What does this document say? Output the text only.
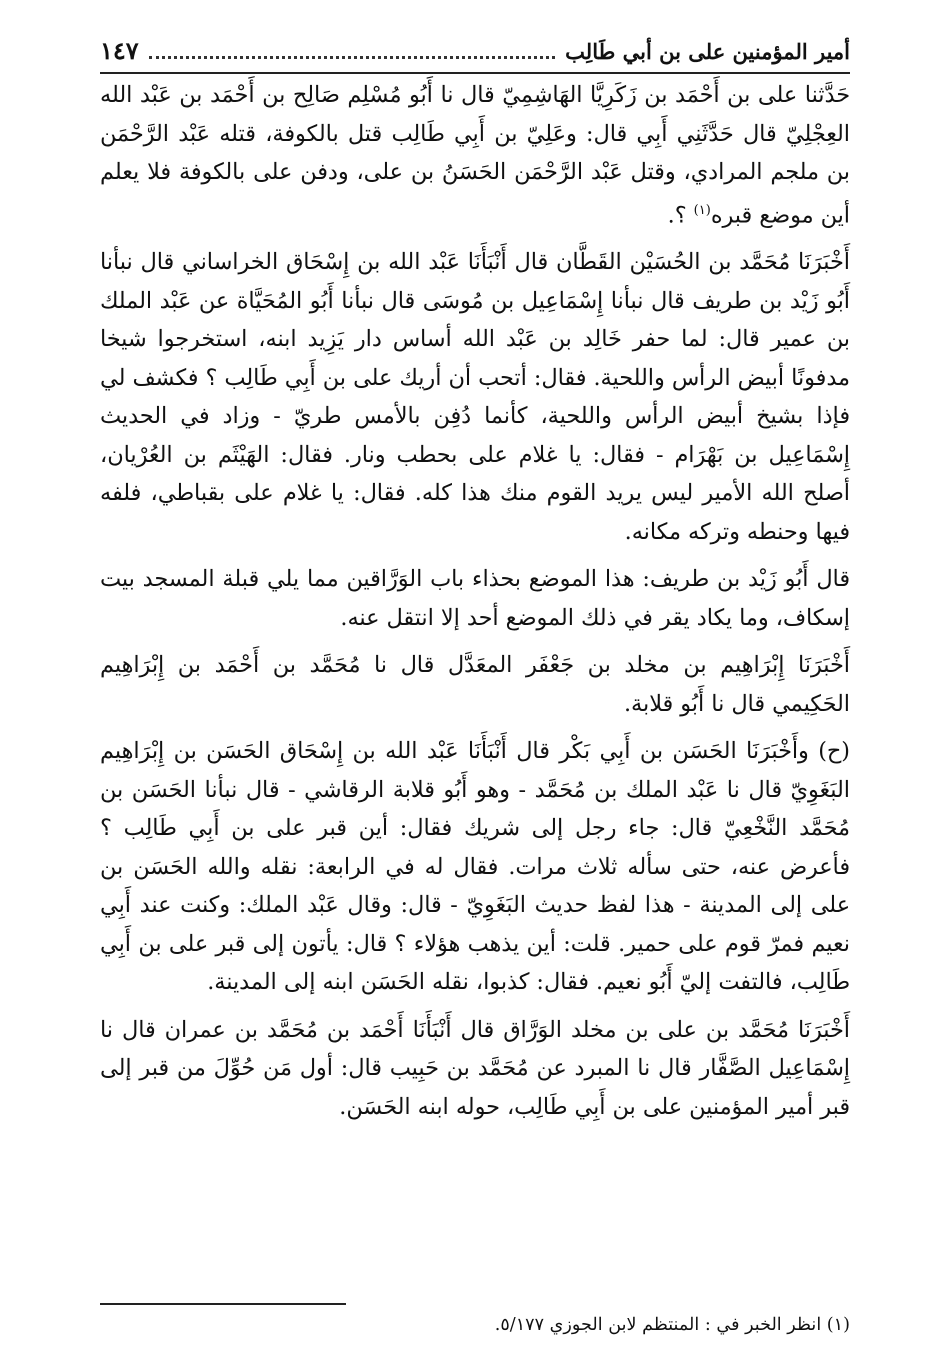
أمير المؤمنين على بن أبي طَالِب
١٤٧

حَدَّثنا على بن أَحْمَد بن زَكَرِيَّا الهَاشِمِيّ قال نا أَبُو مُسْلِم صَالِح بن أَحْمَد بن عَبْد الله العِجْلِيّ قال حَدَّثَنِي أَبِي قال: وعَلِيّ بن أَبِي طَالِب قتل بالكوفة، قتله عَبْد الرَّحْمَن بن ملجم المرادي، وقتل عَبْد الرَّحْمَن الحَسَنُ بن على، ودفن على بالكوفة فلا يعلم أين موضع قبره$^{(١)}$ ؟.

أَخْبَرَنَا مُحَمَّد بن الحُسَيْن القَطَّان قال أَنْبَأَنَا عَبْد الله بن إِسْحَاق الخراساني قال نبأنا أَبُو زَيْد بن طريف قال نبأنا إِسْمَاعِيل بن مُوسَى قال نبأنا أَبُو المُحَيَّاة عن عَبْد الملك بن عمير قال: لما حفر خَالِد بن عَبْد الله أساس دار يَزِيد ابنه، استخرجوا شيخا مدفونًا أبيض الرأس واللحية. فقال: أتحب أن أريك على بن أَبِي طَالِب ؟ فكشف لي فإذا بشيخ أبيض الرأس واللحية، كأنما دُفِن بالأمس طريّ - وزاد في الحديث إِسْمَاعِيل بن بَهْرَام - فقال: يا غلام على بحطب ونار. فقال: الهَيْثَم بن العُرْيان، أصلح الله الأمير ليس يريد القوم منك هذا كله. فقال: يا غلام على بقباطي، فلفه فيها وحنطه وتركه مكانه.

قال أَبُو زَيْد بن طريف: هذا الموضع بحذاء باب الوَرَّاقين مما يلي قبلة المسجد بيت إسكاف، وما يكاد يقر في ذلك الموضع أحد إلا انتقل عنه.

أَخْبَرَنَا إِبْرَاهِيم بن مخلد بن جَعْفَر المعَدَّل قال نا مُحَمَّد بن أَحْمَد بن إِبْرَاهِيم الحَكِيمي قال نا أَبُو قلابة.

(ح) وأَخْبَرَنَا الحَسَن بن أَبِي بَكْر قال أَنْبَأَنَا عَبْد الله بن إِسْحَاق الحَسَن بن إِبْرَاهِيم البَغَوِيّ قال نا عَبْد الملك بن مُحَمَّد - وهو أَبُو قلابة الرقاشي - قال نبأنا الحَسَن بن مُحَمَّد النَّخْعِيّ قال: جاء رجل إلى شريك فقال: أين قبر على بن أَبِي طَالِب ؟ فأعرض عنه، حتى سأله ثلاث مرات. فقال له في الرابعة: نقله والله الحَسَن بن على إلى المدينة - هذا لفظ حديث البَغَوِيّ - قال: وقال عَبْد الملك: وكنت عند أَبِي نعيم فمرّ قوم على حمير. قلت: أين يذهب هؤلاء ؟ قال: يأتون إلى قبر على بن أَبِي طَالِب، فالتفت إليّ أَبُو نعيم. فقال: كذبوا، نقله الحَسَن ابنه إلى المدينة.

أَخْبَرَنَا مُحَمَّد بن على بن مخلد الوَرَّاق قال أَنْبَأَنَا أَحْمَد بن مُحَمَّد بن عمران قال نا إِسْمَاعِيل الصَّفَّار قال نا المبرد عن مُحَمَّد بن حَبِيب قال: أول مَن حُوِّلَ من قبر إلى قبر أمير المؤمنين على بن أَبِي طَالِب، حوله ابنه الحَسَن.

(١) انظر الخبر في : المنتظم لابن الجوزي ٥/١٧٧.
